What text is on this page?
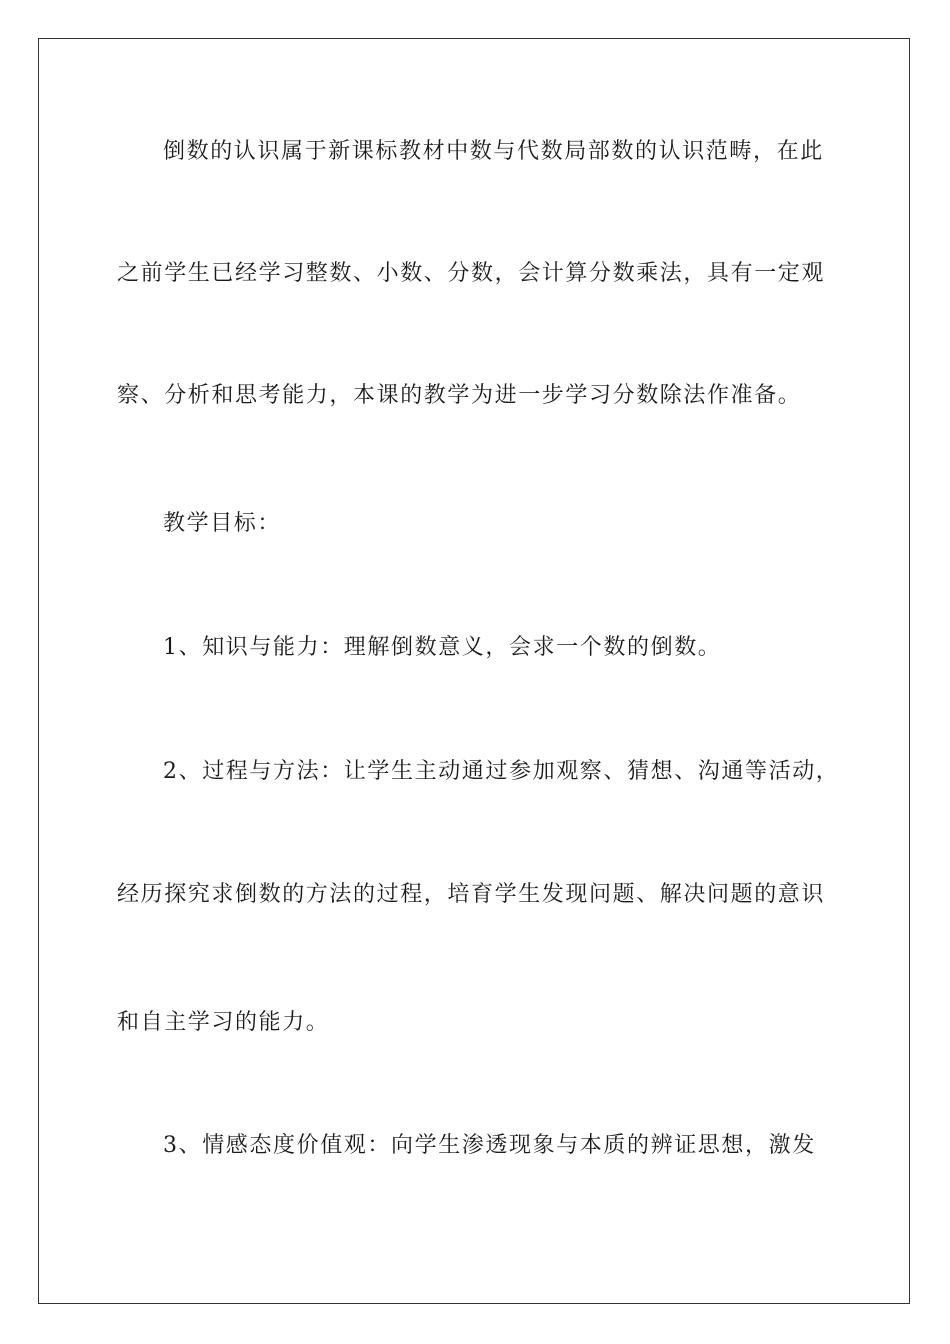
倒数的认识属于新课标教材中数与代数局部数的认识范畴，在此
之前学生已经学习整数、小数、分数，会计算分数乘法，具有一定观
察、分析和思考能力，本课的教学为进一步学习分数除法作准备。
教学目标：
1、知识与能力：理解倒数意义，会求一个数的倒数。
2、过程与方法：让学生主动通过参加观察、猜想、沟通等活动，
经历探究求倒数的方法的过程，培育学生发现问题、解决问题的意识
和自主学习的能力。
3、情感态度价值观：向学生渗透现象与本质的辨证思想，激发
